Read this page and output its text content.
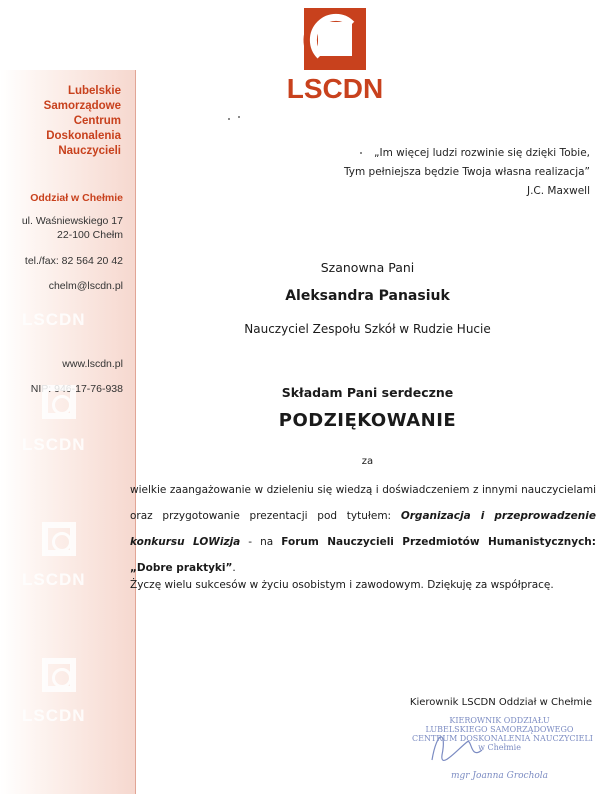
LSCDN
Lubelskie
Samorządowe
Centrum
Doskonalenia
Nauczycieli
Oddział w Chełmie
ul. Waśniewskiego 17
22-100 Chełm
tel./fax: 82 564 20 42
chelm@lscdn.pl
www.lscdn.pl
NIP: 946-17-76-938
LSCDN
LSCDN
LSCDN
LSCDN
„Im więcej ludzi rozwinie się dzięki Tobie,
Tym pełniejsza będzie Twoja własna realizacja”
J.C. Maxwell
Szanowna Pani
Aleksandra Panasiuk
Nauczyciel Zespołu Szkół w Rudzie Hucie
Składam Pani serdeczne
PODZIĘKOWANIE
za
wielkie zaangażowanie w dzieleniu się wiedzą i doświadczeniem z innymi nauczycielami oraz przygotowanie prezentacji pod tytułem: Organizacja i przeprowadzenie konkursu LOWizja - na Forum Nauczycieli Przedmiotów Humanistycznych: „Dobre praktyki”.
Życzę wielu sukcesów w życiu osobistym i zawodowym. Dziękuję za współpracę.
Kierownik LSCDN Oddział w Chełmie
KIEROWNIK ODDZIAŁU
LUBELSKIEGO SAMORZĄDOWEGO
CENTRUM DOSKONALENIA NAUCZYCIELI
w Chełmie
mgr Joanna Grochola
